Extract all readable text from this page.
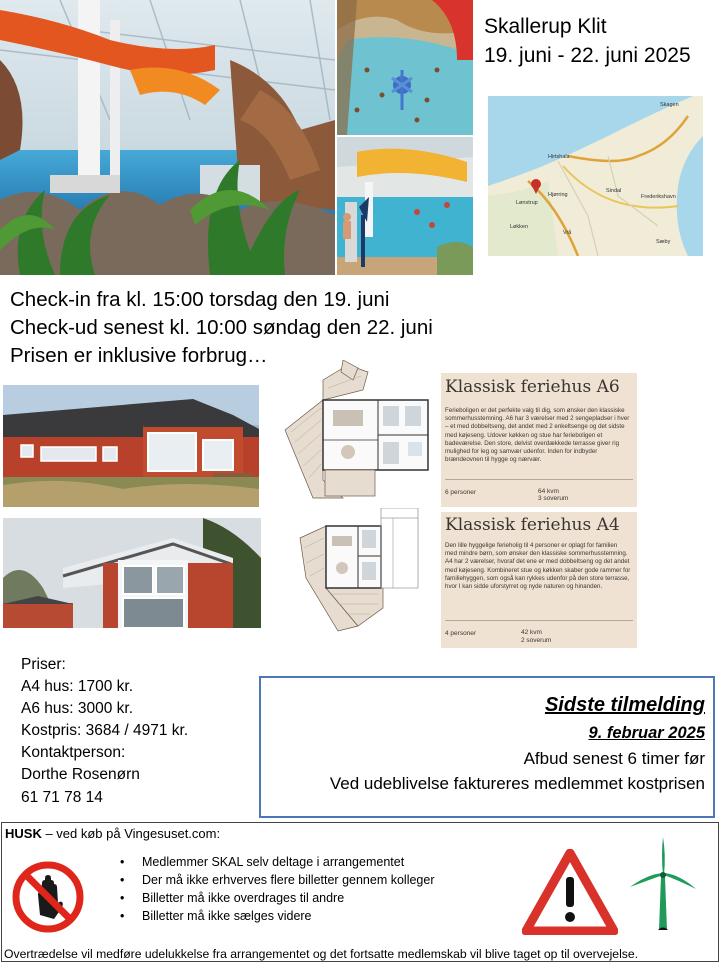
Skallerup Klit
19. juni - 22. juni 2025
Skagen
Hirtshals
Hjørring	Frederikshavn
Sæby
Sindal
Løkken
Vrå
Lønstrup
Check-in fra kl. 15:00 torsdag den 19. juni
Check-ud senest kl. 10:00 søndag den 22. juni
Prisen er inklusive forbrug…
Klassisk feriehus A6
Ferieboligen er det perfekte valg til dig, som ønsker den klassiske sommerhusstemning. A6 har 3 værelser med 2 sengepladser i hver – et med dobbeltseng, det andet med 2 enkeltsenge og det sidste med køjeseng. Udover køkken og stue har ferieboligen et badeværelse. Den store, delvist overdækkede terrasse giver rig mulighed for leg og samvær udenfor. Inden for indbyder brændeovnen til hygge og nærvær.
6 personer	64 kvm
3 soverum
Klassisk feriehus A4
Den lille hyggelige ferieholig til 4 personer er oplagt for familien med mindre børn, som ønsker den klassiske sommerhusstemning. A4 har 2 værelser, hvoraf det ene er med dobbeltseng og det andet med køjeseng. Kombineret stue og køkken skaber gode rammer for familiehyggen, som også kan rykkes udenfor på den store terrasse, hvor I kan sidde uforstyrret og nyde naturen og hinanden.
4 personer	42 kvm
2 soverum
Priser:
A4 hus: 1700 kr.
A6 hus: 3000 kr.
Kostpris: 3684 / 4971 kr.
Kontaktperson:
Dorthe Rosenørn
61 71 78 14
Sidste tilmelding
9. februar 2025
Afbud senest 6 timer før
Ved udeblivelse faktureres medlemmet kostprisen
HUSK – ved køb på Vingesuset.com:
• Medlemmer SKAL selv deltage i arrangementet
• Der må ikke erhverves flere billetter gennem kolleger
• Billetter må ikke overdrages til andre
• Billetter må ikke sælges videre
Overtrædelse vil medføre udelukkelse fra arrangementet og det fortsatte medlemskab vil blive taget op til overvejelse.
